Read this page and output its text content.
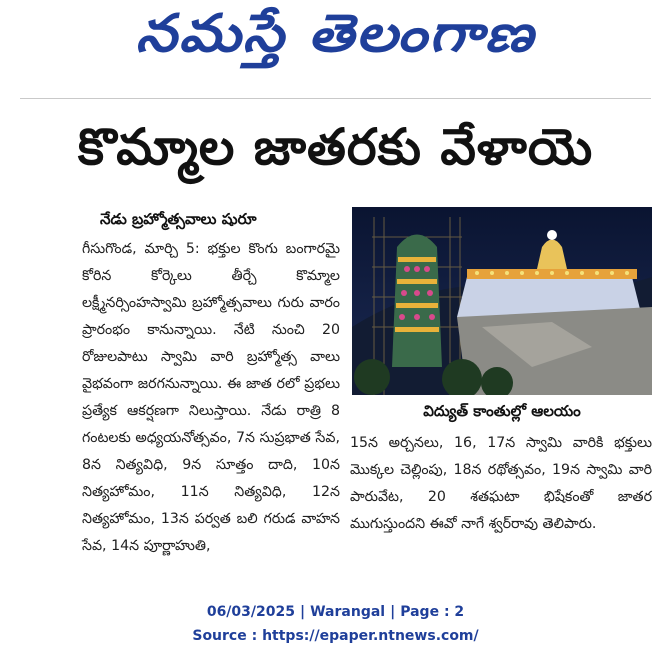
నమస్తే తెలంగాణ
కొమ్మాల జాతరకు వేళాయె
నేడు బ్రహ్మోత్సవాలు షురూ
గీసుగొండ, మార్చి 5: భక్తుల కొంగు బంగారమై కోరిన కోర్కెలు తీర్చే కొమ్మాల లక్ష్మీనర్సింహస్వామి బ్రహ్మోత్సవాలు గురు వారం ప్రారంభం కానున్నాయి. నేటి నుంచి 20 రోజులపాటు స్వామి వారి బ్రహ్మోత్స వాలు వైభవంగా జరగనున్నాయి. ఈ జాత రలో ప్రభలు ప్రత్యేక ఆకర్షణగా నిలుస్తాయి. నేడు రాత్రి 8 గంటలకు అధ్యయనోత్సవం, 7న సుప్రభాత సేవ, 8న నిత్యవిధి, 9న సూత్తం దాది, 10న నిత్యహోమం, 11న నిత్యవిధి, 12న నిత్యహోమం, 13న పర్వత బలి గరుడ వాహన సేవ, 14న పూర్ణాహుతి,
విద్యుత్ కాంతుల్లో ఆలయం
15న అర్చనలు, 16, 17న స్వామి వారికి భక్తులు మొక్కల చెల్లింపు, 18న రథోత్సవం, 19న స్వామి వారి పారువేట, 20 శతఘటా భిషేకంతో జాతర ముగుస్తుందని ఈవో నాగే శ్వర్‌రావు తెలిపారు.
06/03/2025 | Warangal | Page : 2
Source : https://epaper.ntnews.com/
